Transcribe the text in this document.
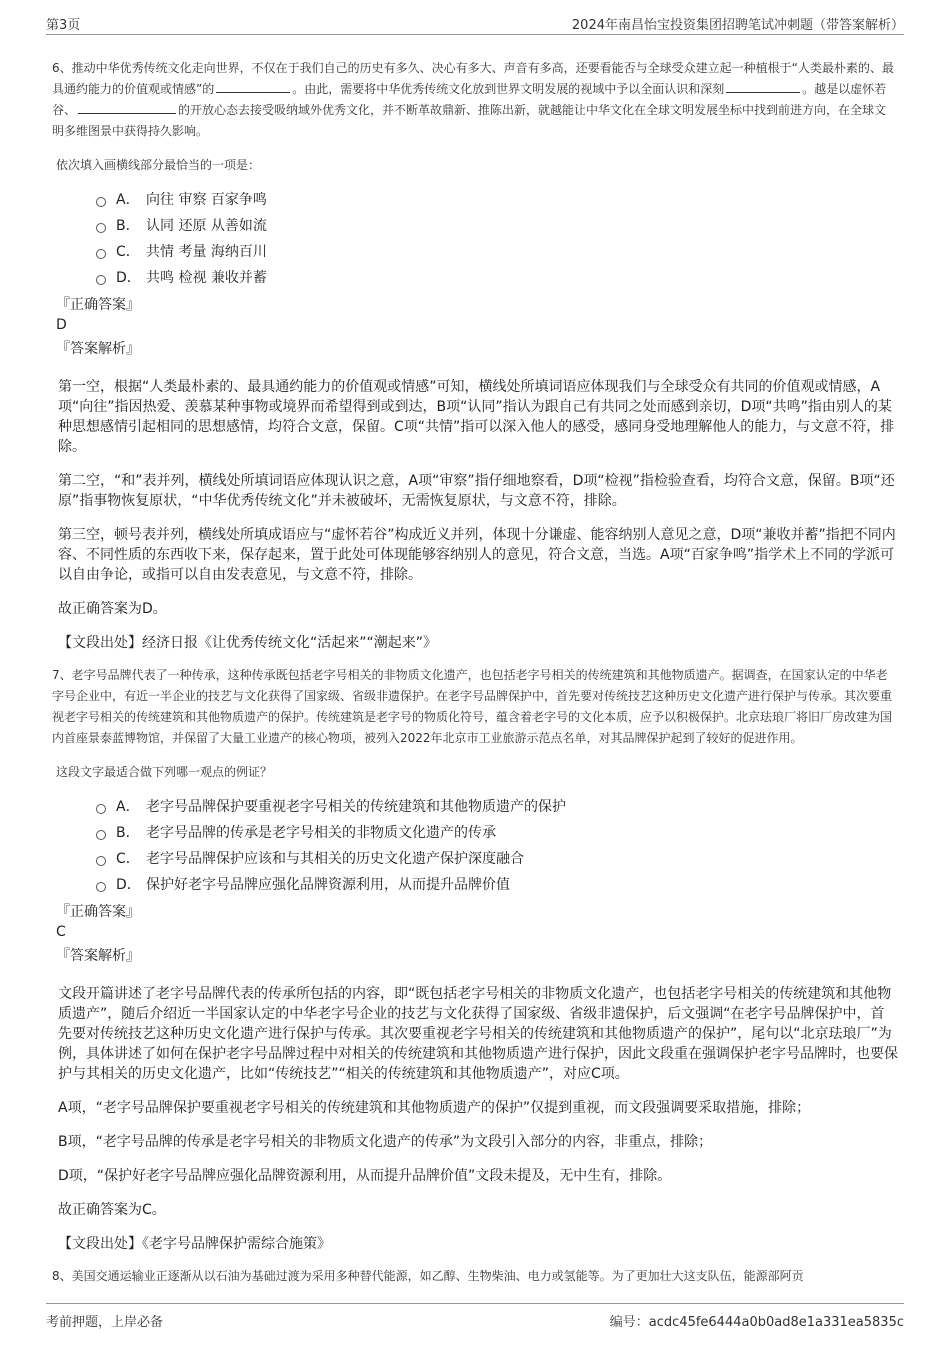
第3页	2024年南昌怡宝投资集团招聘笔试冲刺题（带答案解析）

6、推动中华优秀传统文化走向世界，不仅在于我们自己的历史有多久、决心有多大、声音有多高，还要看能否与全球受众建立起一种植根于“人类最朴素的、最具通约能力的价值观或情感”的	。由此，需要将中华优秀传统文化放到世界文明发展的视域中予以全面认识和深刻	。越是以虚怀若谷、	的开放心态去接受吸纳域外优秀文化，并不断革故鼎新、推陈出新，就越能让中华文化在全球文明发展坐标中找到前进方向，在全球文明多维图景中获得持久影响。

依次填入画横线部分最恰当的一项是：
A． 向往 审察 百家争鸣
B． 认同 还原 从善如流
C． 共情 考量 海纳百川
D． 共鸣 检视 兼收并蓄
『正确答案』
D
『答案解析』

第一空，根据“人类最朴素的、最具通约能力的价值观或情感”可知，横线处所填词语应体现我们与全球受众有共同的价值观或情感，A项“向往”指因热爱、羡慕某种事物或境界而希望得到或到达，B项“认同”指认为跟自己有共同之处而感到亲切，D项“共鸣”指由别人的某种思想感情引起相同的思想感情，均符合文意，保留。C项“共情”指可以深入他人的感受，感同身受地理解他人的能力，与文意不符，排除。

第二空，“和”表并列，横线处所填词语应体现认识之意，A项“审察”指仔细地察看，D项“检视”指检验查看，均符合文意，保留。B项“还原”指事物恢复原状，“中华优秀传统文化”并未被破坏，无需恢复原状，与文意不符，排除。

第三空，顿号表并列，横线处所填成语应与“虚怀若谷”构成近义并列，体现十分谦虚、能容纳别人意见之意，D项“兼收并蓄”指把不同内容、不同性质的东西收下来，保存起来，置于此处可体现能够容纳别人的意见，符合文意，当选。A项“百家争鸣”指学术上不同的学派可以自由争论，或指可以自由发表意见，与文意不符，排除。

故正确答案为D。

【文段出处】经济日报《让优秀传统文化“活起来”“潮起来”》

7、老字号品牌代表了一种传承，这种传承既包括老字号相关的非物质文化遗产，也包括老字号相关的传统建筑和其他物质遗产。据调查，在国家认定的中华老字号企业中，有近一半企业的技艺与文化获得了国家级、省级非遗保护。在老字号品牌保护中，首先要对传统技艺这种历史文化遗产进行保护与传承。其次要重视老字号相关的传统建筑和其他物质遗产的保护。传统建筑是老字号的物质化符号，蕴含着老字号的文化本质，应予以积极保护。北京珐琅厂将旧厂房改建为国内首座景泰蓝博物馆，并保留了大量工业遗产的核心物项，被列入2022年北京市工业旅游示范点名单，对其品牌保护起到了较好的促进作用。

这段文字最适合做下列哪一观点的例证？
A． 老字号品牌保护要重视老字号相关的传统建筑和其他物质遗产的保护
B． 老字号品牌的传承是老字号相关的非物质文化遗产的传承
C． 老字号品牌保护应该和与其相关的历史文化遗产保护深度融合
D． 保护好老字号品牌应强化品牌资源利用，从而提升品牌价值
『正确答案』
C
『答案解析』

文段开篇讲述了老字号品牌代表的传承所包括的内容，即“既包括老字号相关的非物质文化遗产，也包括老字号相关的传统建筑和其他物质遗产”，随后介绍近一半国家认定的中华老字号企业的技艺与文化获得了国家级、省级非遗保护，后文强调“在老字号品牌保护中，首先要对传统技艺这种历史文化遗产进行保护与传承。其次要重视老字号相关的传统建筑和其他物质遗产的保护”，尾句以“北京珐琅厂”为例，具体讲述了如何在保护老字号品牌过程中对相关的传统建筑和其他物质遗产进行保护，因此文段重在强调保护老字号品牌时，也要保护与其相关的历史文化遗产，比如“传统技艺”“相关的传统建筑和其他物质遗产”，对应C项。

A项，“老字号品牌保护要重视老字号相关的传统建筑和其他物质遗产的保护”仅提到重视，而文段强调要采取措施，排除；

B项，“老字号品牌的传承是老字号相关的非物质文化遗产的传承”为文段引入部分的内容，非重点，排除；

D项，“保护好老字号品牌应强化品牌资源利用，从而提升品牌价值”文段未提及，无中生有，排除。

故正确答案为C。

【文段出处】《老字号品牌保护需综合施策》

8、美国交通运输业正逐渐从以石油为基础过渡为采用多种替代能源，如乙醇、生物柴油、电力或氢能等。为了更加壮大这支队伍，能源部阿贡

考前押题，上岸必备	编号：acdc45fe6444a0b0ad8e1a331ea5835c
